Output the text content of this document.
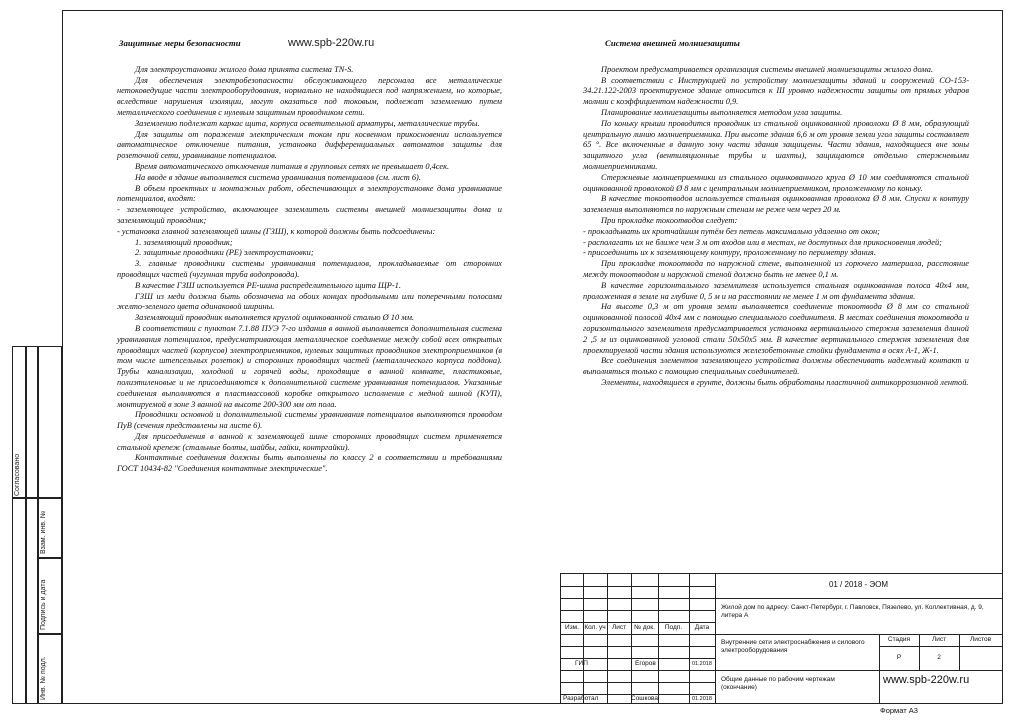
Защитные меры безопасности

Для электроустановки жилого дома принята система TN-S.

Для обеспечения электробезопасности обслуживающего персонала все металлические нетоковедущие части электрооборудования, нормально не находящиеся под напряжением, но которые, вследствие нарушения изоляции, могут оказаться под токовым, подлежат заземлению путем металлического соединения с нулевым защитным проводником сети.

Заземлению подлежат каркас щита, корпуса осветительной арматуры, металлические трубы.

Для защиты от поражения электрическим током при косвенном прикосновении используется автоматическое отключение питания, установка дифференциальных автоматов защиты для розеточной сети, уравнивание потенциалов.

Время автоматического отключения питания в групповых сетях не превышает 0,4сек.

На вводе в здание выполняется система уравнивания потенциалов (см. лист 6).

В объем проектных и монтажных работ, обеспечивающих в электроустановке дома уравнивание потенциалов, входят:

- заземляющее устройство, включающее заземлитель системы внешней молниезащиты дома и заземляющий проводник;

- установка главной заземляющей шины (ГЗШ), к которой должны быть подсоединены:

1. заземляющий проводник;

2. защитные проводники (PE) электроустановки;

3. главные проводники системы уравнивания потенциалов, прокладываемые от сторонних проводящих частей (чугунная труба водопровода).

В качестве ГЗШ используется PE-шина распределительного щита ЩР-1.

ГЗШ из меди должна быть обозначена на обоих концах продольными или поперечными полосами желто-зеленого цвета одинаковой ширины.

Заземляющий проводник выполняется круглой оцинкованной сталью Ø 10 мм.

В соответствии с пунктом 7.1.88 ПУЭ 7-го издания в ванной выполняется дополнительная система уравнивания потенциалов, предусматривающая металлическое соединение между собой всех открытых проводящих частей (корпусов) электроприемников, нулевых защитных проводников электроприемников (в том числе штепсельных розеток) и сторонних проводящих частей (металлического корпуса поддона). Трубы канализации, холодной и горячей воды, проходящие в ванной комнате, пластиковые, полиэтиленовые и не присоединяются к дополнительной системе уравнивания потенциалов. Указанные соединения выполняются в пластмассовой коробке открытого исполнения с медной шиной (КУП), монтируемой в зоне 3 ванной на высоте 200-300 мм от пола.

Проводники основной и дополнительной системы уравнивания потенциалов выполняются проводом ПуВ (сечения представлены на листе 6).

Для присоединения в ванной к заземляющей шине сторонних проводящих систем применяется стальной крепеж (стальные болты, шайбы, гайки, контргайки).

Контактные соединения должны быть выполнены по классу 2 в соответствии и требованиями ГОСТ 10434-82 "Соединения контактные электрические".

www.spb-220w.ru	Система внешней молниезащиты

Проектом предусматривается организация системы внешней молниезащиты жилого дома.

В соответствии с Инструкцией по устройству молниезащиты зданий и сооружений СО-153-34.21.122-2003 проектируемое здание относится к III уровню надежности защиты от прямых ударов молнии с коэффициентом надежности 0,9.

Планирование молниезащиты выполняется методом угла защиты.

По коньку крыши проводится проводник из стальной оцинкованной проволоки Ø 8 мм, образующий центральную линию молниеприемника. При высоте здания 6,6 м от уровня земли угол защиты составляет 65 °. Все включенные в данную зону части здания защищены. Части здания, находящиеся вне зоны защитного угла (вентиляционные трубы и шахты), защищаются отдельно стержневыми молниеприемниками.

Стержневые молниеприемники из стального оцинкованного круга Ø 10 мм соединяются стальной оцинкованной проволокой Ø 8 мм с центральным молниеприемником, проложенному по коньку.

В качестве токоотводов используется стальная оцинкованная проволока Ø 8 мм. Спуски к контуру заземления выполняются по наружным стенам не реже чем через 20 м.

При прокладке токоотводов следует:

- прокладывать их кротчайшим путём без петель максимально удаленно от окон;

- располагать их не ближе чем 3 м от входов или в местах, не доступных для прикосновения людей;

- присоединить их к заземляющему контуру, проложенному по периметру здания.

При прокладке токоотвода по наружной стене, выполненной из горючего материала, расстояние между токоотводом и наружной стеной должно быть не менее 0,1 м.

В качестве горизонтального заземлителя используется стальная оцинкованная полоса 40х4 мм, проложенная в земле на глубине 0, 5 м и на расстоянии не менее 1 м от фундамента здания.

На высоте 0,3 м от уровня земли выполняется соединение токоотвода Ø 8 мм со стальной оцинкованной полосой 40х4 мм с помощью специального соединителя. В местах соединения токоотвода и горизонтального заземлителя предусматривается установка вертикального стержня заземления длиной 2 ,5 м из оцинкованной угловой стали 50х50х5 мм. В качестве вертикального стержня заземления для проектируемой части здания используются железобетонные стойки фундамента в осях А-1, Ж-1.

Все соединения элементов заземляющего устройства должны обеспечивать надежный контакт и выполняться только с помощью специальных соединителей.

Элементы, находящиеся в грунте, должны быть обработаны пластичной антикоррозионной лентой.

Согласовано
Взам. инв. №
Подпись и дата
Инв. № подл.
01 / 2018 - ЭОМ
Жилой дом по адресу: Санкт-Петербург, г. Павловск, Пязелево, ул. Коллективная, д. 9, литера А
Внутренние сети электроснабжения и силового электрооборудования
Общие данные по рабочим чертежам (окончание)
Изм. Кол. уч Лист	№ док.	Подп.	Дата
ГИП	Егоров	01.2018
Разработал	Сошкова	01.2018
Стадия	Лист	Листов
Р	2
www.spb-220w.ru
Формат А3
